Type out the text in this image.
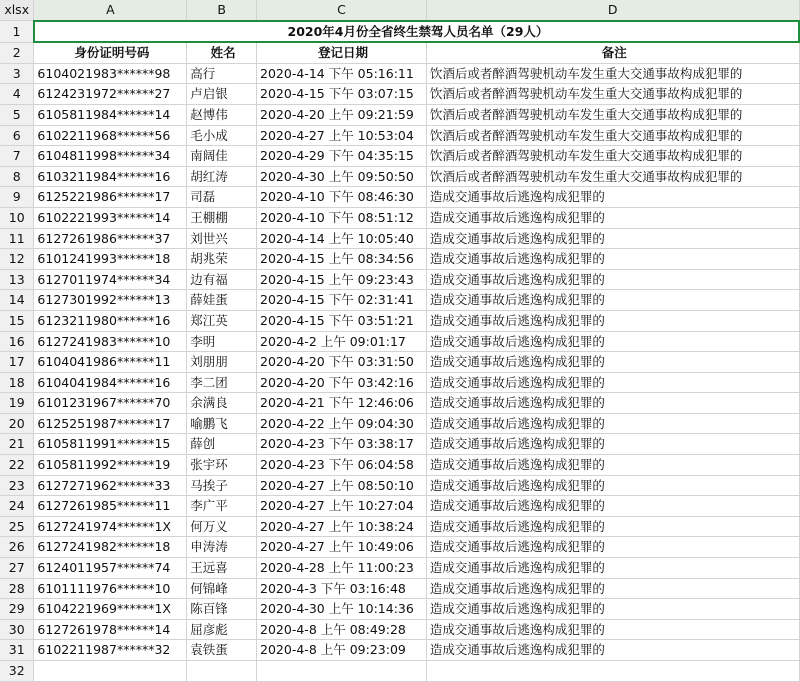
xlsx	A	B	C	D
1	2020年4月份全省终生禁驾人员名单（29人）			
2	身份证明号码	姓名	登记日期	备注
3	6104021983******98	高行	2020-4-14 下午 05:16:11	饮酒后或者醉酒驾驶机动车发生重大交通事故构成犯罪的
4	6124231972******27	卢启银	2020-4-15 下午 03:07:15	饮酒后或者醉酒驾驶机动车发生重大交通事故构成犯罪的
5	6105811984******14	赵博伟	2020-4-20 上午 09:21:59	饮酒后或者醉酒驾驶机动车发生重大交通事故构成犯罪的
6	6102211968******56	毛小成	2020-4-27 上午 10:53:04	饮酒后或者醉酒驾驶机动车发生重大交通事故构成犯罪的
7	6104811998******34	南阔佳	2020-4-29 下午 04:35:15	饮酒后或者醉酒驾驶机动车发生重大交通事故构成犯罪的
8	6103211984******16	胡红涛	2020-4-30 上午 09:50:50	饮酒后或者醉酒驾驶机动车发生重大交通事故构成犯罪的
9	6125221986******17	司磊	2020-4-10 下午 08:46:30	造成交通事故后逃逸构成犯罪的
10	6102221993******14	王棚棚	2020-4-10 下午 08:51:12	造成交通事故后逃逸构成犯罪的
11	6127261986******37	刘世兴	2020-4-14 上午 10:05:40	造成交通事故后逃逸构成犯罪的
12	6101241993******18	胡兆荣	2020-4-15 上午 08:34:56	造成交通事故后逃逸构成犯罪的
13	6127011974******34	边有福	2020-4-15 上午 09:23:43	造成交通事故后逃逸构成犯罪的
14	6127301992******13	薛娃蛋	2020-4-15 下午 02:31:41	造成交通事故后逃逸构成犯罪的
15	6123211980******16	郑江英	2020-4-15 下午 03:51:21	造成交通事故后逃逸构成犯罪的
16	6127241983******10	李明	2020-4-2 上午 09:01:17	造成交通事故后逃逸构成犯罪的
17	6104041986******11	刘朋朋	2020-4-20 下午 03:31:50	造成交通事故后逃逸构成犯罪的
18	6104041984******16	李二团	2020-4-20 下午 03:42:16	造成交通事故后逃逸构成犯罪的
19	6101231967******70	余满良	2020-4-21 下午 12:46:06	造成交通事故后逃逸构成犯罪的
20	6125251987******17	喻鹏飞	2020-4-22 上午 09:04:30	造成交通事故后逃逸构成犯罪的
21	6105811991******15	薛创	2020-4-23 下午 03:38:17	造成交通事故后逃逸构成犯罪的
22	6105811992******19	张宇环	2020-4-23 下午 06:04:58	造成交通事故后逃逸构成犯罪的
23	6127271962******33	马挨子	2020-4-27 上午 08:50:10	造成交通事故后逃逸构成犯罪的
24	6127261985******11	李广平	2020-4-27 上午 10:27:04	造成交通事故后逃逸构成犯罪的
25	6127241974******1X	何万义	2020-4-27 上午 10:38:24	造成交通事故后逃逸构成犯罪的
26	6127241982******18	申涛涛	2020-4-27 上午 10:49:06	造成交通事故后逃逸构成犯罪的
27	6124011957******74	王远喜	2020-4-28 上午 11:00:23	造成交通事故后逃逸构成犯罪的
28	6101111976******10	何锦峰	2020-4-3 下午 03:16:48	造成交通事故后逃逸构成犯罪的
29	6104221969******1X	陈百锋	2020-4-30 上午 10:14:36	造成交通事故后逃逸构成犯罪的
30	6127261978******14	屈彦彪	2020-4-8 上午 08:49:28	造成交通事故后逃逸构成犯罪的
31	6102211987******32	袁铁蛋	2020-4-8 上午 09:23:09	造成交通事故后逃逸构成犯罪的
32				
